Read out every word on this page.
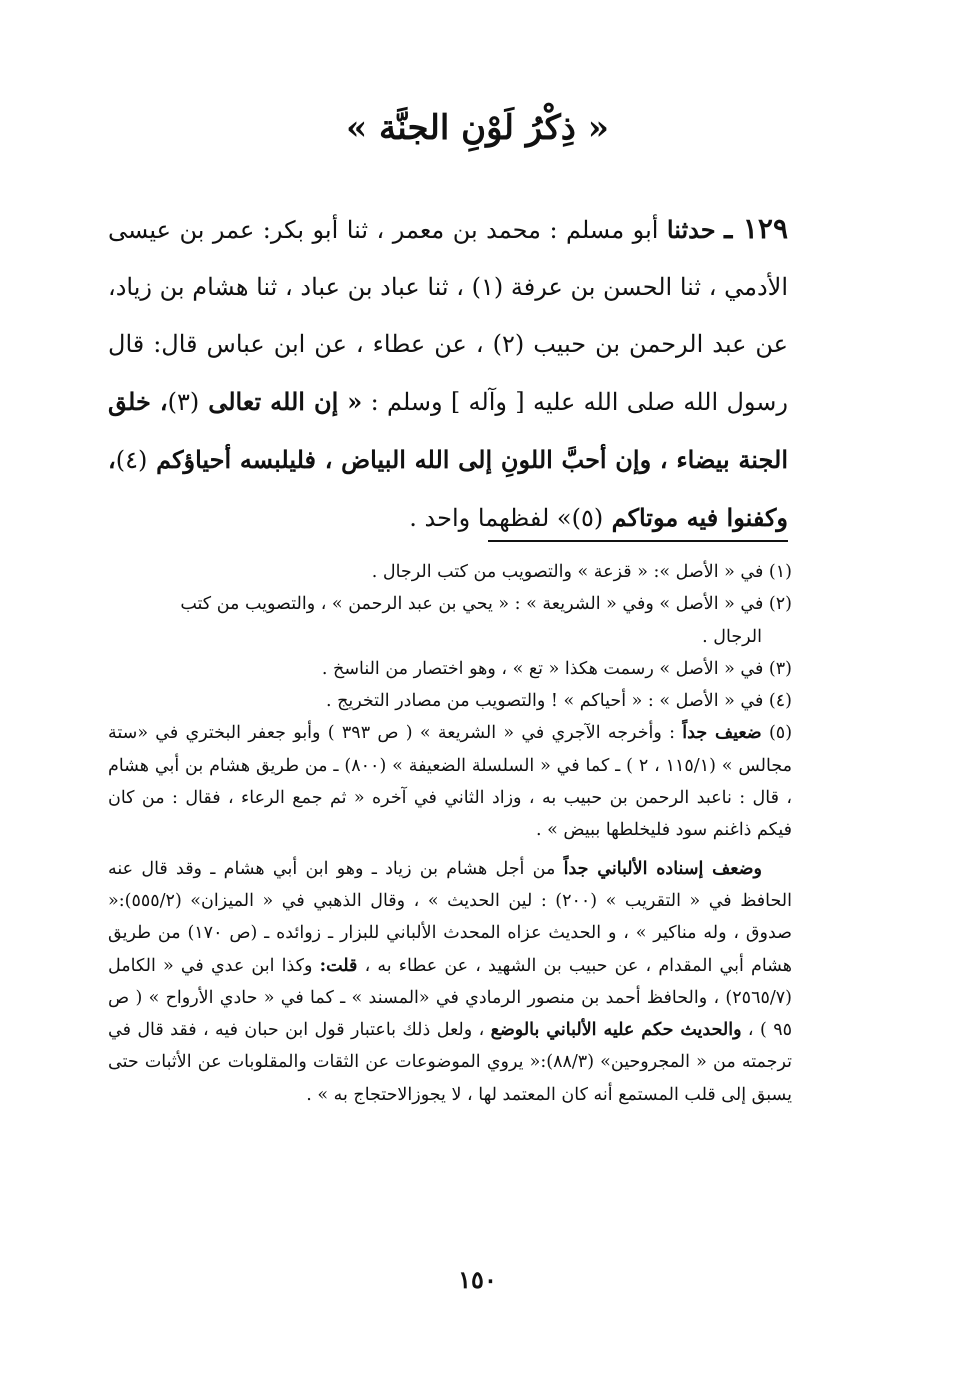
« ذِكْرُ لَوْنِ الجنَّة »
١٢٩ ـ حدثنا أبو مسلم : محمد بن معمر ، ثنا أبو بكر: عمر بن عيسى الأدمي ، ثنا الحسن بن عرفة (١) ، ثنا عباد بن عباد ، ثنا هشام بن زياد، عن عبد الرحمن بن حبيب (٢) ، عن عطاء ، عن ابن عباس قال: قال رسول الله صلى الله عليه [ وآله ] وسلم : « إن الله تعالى (٣)، خلق الجنة بيضاء ، وإن أحبَّ اللونِ إلى الله البياض ، فليلبسه أحياؤكم (٤)، وكفنوا فيه موتاكم (٥)» لفظهما واحد .
(١) في « الأصل »: « قزعة » والتصويب من كتب الرجال .
(٢) في « الأصل » وفي « الشريعة » : « يحي بن عبد الرحمن » ، والتصويب من كتب
الرجال .
(٣) في « الأصل » رسمت هكذا « تع » ، وهو اختصار من الناسخ .
(٤) في « الأصل » : « أحياكم » ! والتصويب من مصادر التخريج .
(٥) ضعيف جداً : وأخرجه الآجري في « الشريعة » ( ص ٣٩٣ ) وأبو جعفر البختري في «ستة مجالس » (١١٥/١ ، ٢ ) ـ كما في « السلسلة الضعيفة » (٨٠٠) ـ من طريق هشام بن أبي هشام ، قال : ناعبد الرحمن بن حبيب به ، وزاد الثاني في آخره « ثم جمع الرعاء ، فقال : من كان فيكم ذاغنم سود فليخلطها ببيض » .
وضعف إسناده الألباني جداً من أجل هشام بن زياد ـ وهو ابن أبي هشام ـ وقد قال عنه الحافظ في « التقريب » (٢٠٠) : لين الحديث » ، وقال الذهبي في « الميزان» (٥٥٥/٢):« صدوق ، وله مناكير » ، و الحديث عزاه المحدث الألباني للبزار ـ زوائده ـ (ص ١٧٠) من طريق هشام أبي المقدام ، عن حبيب بن الشهيد ، عن عطاء به ، قلت: وكذا ابن عدي في « الكامل (٢٥٦٥/٧) ، والحافظ أحمد بن منصور الرمادي في «المسند » ـ كما في « حادي الأرواح » ( ص ٩٥ ) ، والحديث حكم عليه الألباني بالوضع ، ولعل ذلك باعتبار قول ابن حبان فيه ، فقد قال في ترجمته من « المجروحين» (٨٨/٣):« يروي الموضوعات عن الثقات والمقلوبات عن الأثبات حتى يسبق إلى قلب المستمع أنه كان المعتمد لها ، لا يجوزالاحتجاج به » .
١٥٠
